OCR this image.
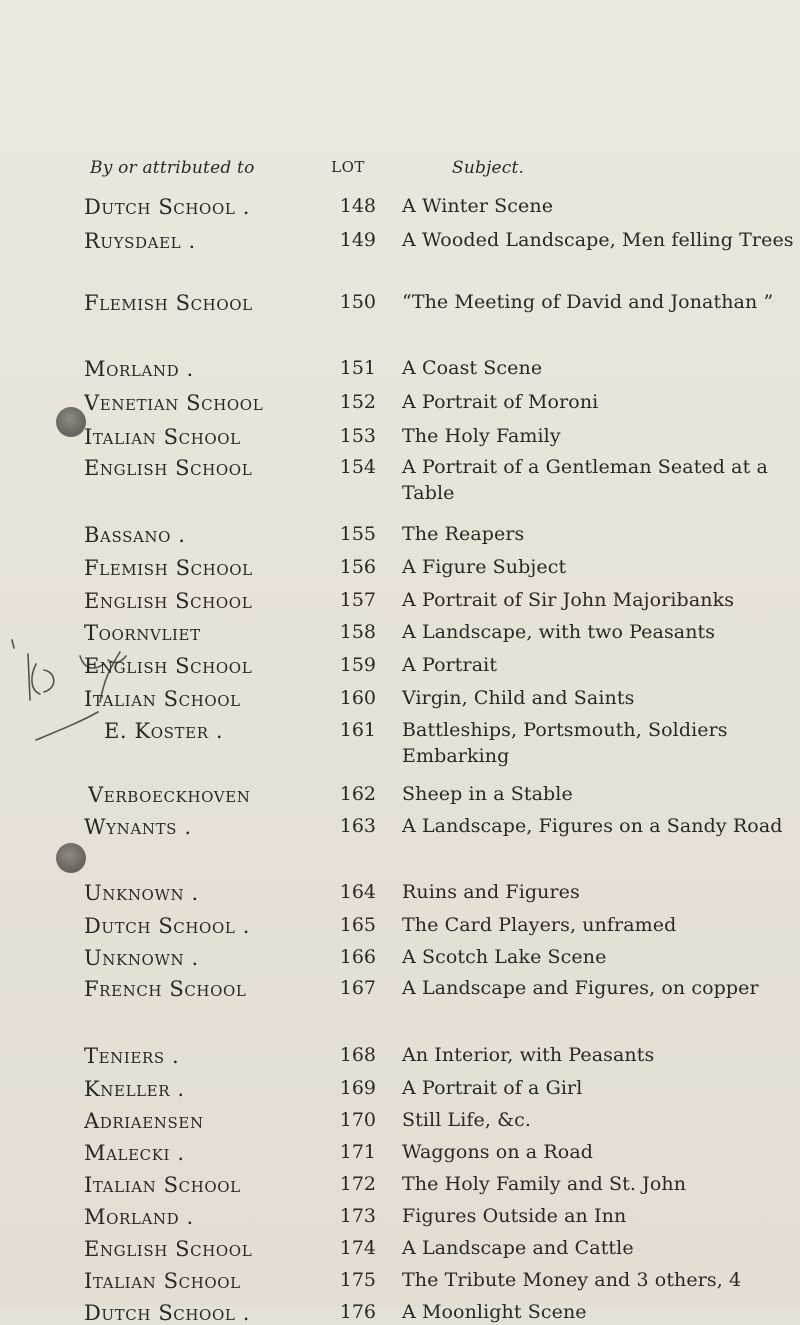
By or attributed to	LOT	Subject.
Dutch School .	148 A Winter Scene
Ruysdael .	149 A Wooded Landscape, Men felling Trees
Flemish School	150 “The Meeting of David and Jonathan ”
Morland .	151 A Coast Scene
Venetian School	152 A Portrait of Moroni
Italian School	153 The Holy Family
English School	154 A Portrait of a Gentleman Seated at a Table
Bassano .	155 The Reapers
Flemish School	156 A Figure Subject
English School	157 A Portrait of Sir John Majoribanks
Toornvliet	158 A Landscape, with two Peasants
English School	159 A Portrait
Italian School	160 Virgin, Child and Saints
E. Koster .	161 Battleships, Portsmouth, Soldiers Embarking
Verboeckhoven	162 Sheep in a Stable
Wynants .	163 A Landscape, Figures on a Sandy Road
Unknown .	164 Ruins and Figures
Dutch School .	165 The Card Players, unframed
Unknown .	166 A Scotch Lake Scene
French School	167 A Landscape and Figures, on copper
Teniers .	168 An Interior, with Peasants
Kneller .	169 A Portrait of a Girl
Adriaensen	170 Still Life, &c.
Malecki .	171 Waggons on a Road
Italian School	172 The Holy Family and St. John
Morland .	173 Figures Outside an Inn
English School	174 A Landscape and Cattle
Italian School	175 The Tribute Money and 3 others, 4
Dutch School .	176 A Moonlight Scene
